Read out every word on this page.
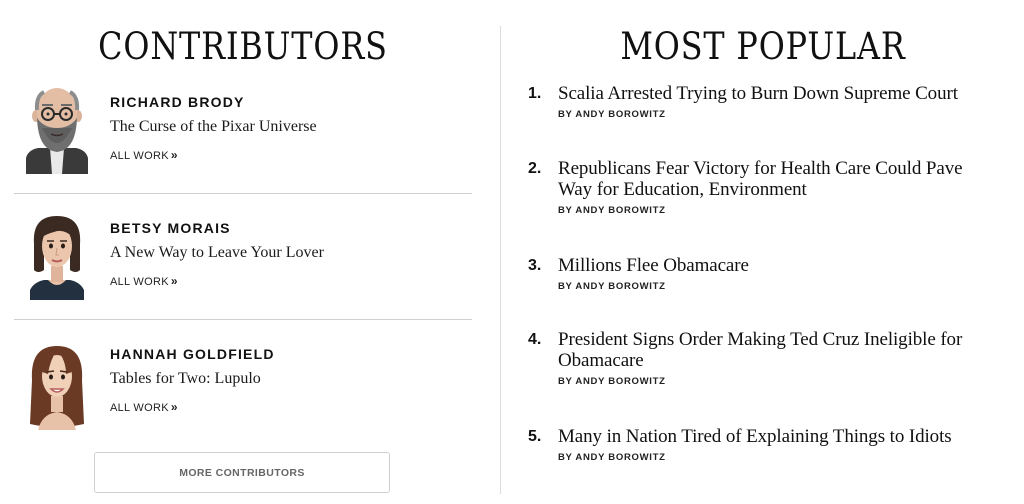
CONTRIBUTORS
RICHARD BRODY
The Curse of the Pixar Universe
ALL WORK »
BETSY MORAIS
A New Way to Leave Your Lover
ALL WORK »
HANNAH GOLDFIELD
Tables for Two: Lupulo
ALL WORK »
MORE CONTRIBUTORS
MOST POPULAR
1. Scalia Arrested Trying to Burn Down Supreme Court
BY ANDY BOROWITZ
2. Republicans Fear Victory for Health Care Could Pave Way for Education, Environment
BY ANDY BOROWITZ
3. Millions Flee Obamacare
BY ANDY BOROWITZ
4. President Signs Order Making Ted Cruz Ineligible for Obamacare
BY ANDY BOROWITZ
5. Many in Nation Tired of Explaining Things to Idiots
BY ANDY BOROWITZ
